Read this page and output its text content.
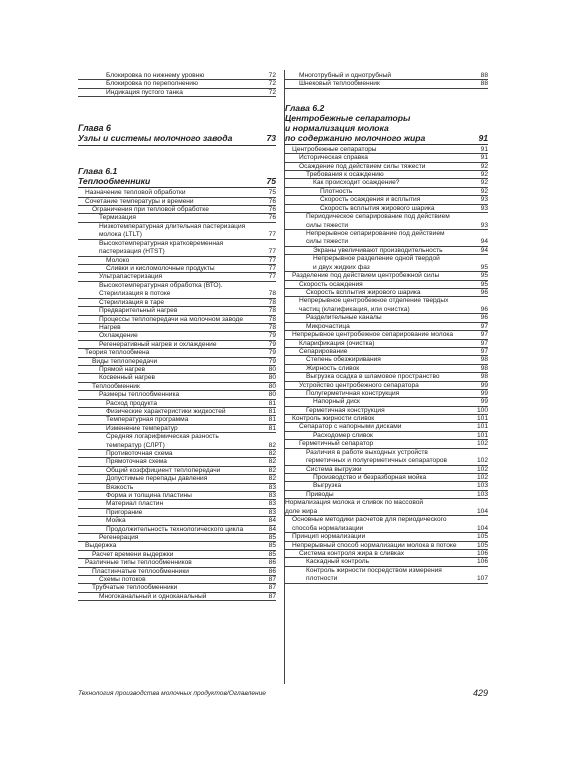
Блокировка по нижнему уровню	72
Блокировка по переполнению	72
Индикация пустого танка	72
Глава 6
Узлы и системы молочного завода	73
Глава 6.1
Теплообменники	75
Назначение тепловой обработки	75
Сочетание температуры и времени	76
Ограничения при тепловой обработке	76
Термизация	76
Низкотемпературная длительная пастеризация
молока (LTLT)	77
Высокотемпературная кратковременная
пастеризация (HTST)	77
Молоко	77
Сливки и кисломолочные продукты	77
Ультрапастеризация	77
Высокотемпературная обработка (ВТО).
Стерилизация в потоке	78
Стерилизация в таре	78
Предварительный нагрев	78
Процессы теплопередачи на молочном заводе	78
Нагрев	78
Охлаждение	79
Регенеративный нагрев и охлаждение	79
Теория теплообмена	79
Виды теплопередачи	79
Прямой нагрев	80
Косвенный нагрев	80
Теплообменник	80
Размеры теплообменника	80
Расход продукта	81
Физические характеристики жидкостей	81
Температурная программа	81
Изменение температур	81
Средняя логарифмическая разность
температур (СЛРТ)	82
Противоточная схема	82
Прямоточная схема	82
Общий коэффициент теплопередачи	82
Допустимые перепады давления	82
Вязкость	83
Форма и толщина пластины	83
Материал пластин	83
Пригорание	83
Мойка	84
Продолжительность технологического цикла	84
Регенерация	85
Выдержка	85
Расчет времени выдержки	85
Различные типы теплообменников	86
Пластинчатые теплообменники	86
Схемы потоков	87
Трубчатые теплообменники	87
Многоканальный и одноканальный	87
Многотрубный и однотрубный	88
Шнековый теплообменник	88
Глава 6.2
Центробежные сепараторы
и нормализация молока
по содержанию молочного жира	91
Центробежные сепараторы	91
Историческая справка	91
Осаждение под действием силы тяжести	92
Требования к осаждению	92
Как происходит осаждение?	92
Плотность	92
Скорость осаждения и всплытия	93
Скорость всплытия жирового шарика	93
Периодическое сепарирование под действием
силы тяжести	93
Непрерывное сепарирование под действием
силы тяжести	94
Экраны увеличивают производительность	94
Непрерывное разделение одной твердой
и двух жидких фаз	95
Разделение под действием центробежной силы	95
Скорость осаждения	95
Скорость всплытия жирового шарика	96
Непрерывное центробежное отделение твердых
частиц (клarификация, или очистка)	96
Разделительные каналы	96
Микрочастица	97
Непрерывное центробежное сепарирование молока	97
Кларификация (очистка)	97
Сепарирование	97
Степень обезжиривания	98
Жирность сливок	98
Выгрузка осадка в шламовое пространство	98
Устройство центробежного сепаратора	99
Полугерметичная конструкция	99
Напорный диск	99
Герметичная конструкция	100
Контроль жирности сливок	101
Сепаратор с напорными дисками	101
Расходомер сливок	101
Герметичный сепаратор	102
Различия в работе выходных устройств
герметичных и полугерметичных сепараторов	102
Система выгрузки	102
Производство и безразборная мойка	102
Выгрузка	103
Приводы	103
Нормализация молока и сливок по массовой
доле жира	104
Основные методики расчетов для периодического
способа нормализации	104
Принцип нормализации	105
Непрерывный способ нормализации молока в потоке	105
Система контроля жира в сливках	106
Каскадный контроль	106
Контроль жирности посредством измерения
плотности	107
Технология производства молочных продуктов/Оглавление	429
